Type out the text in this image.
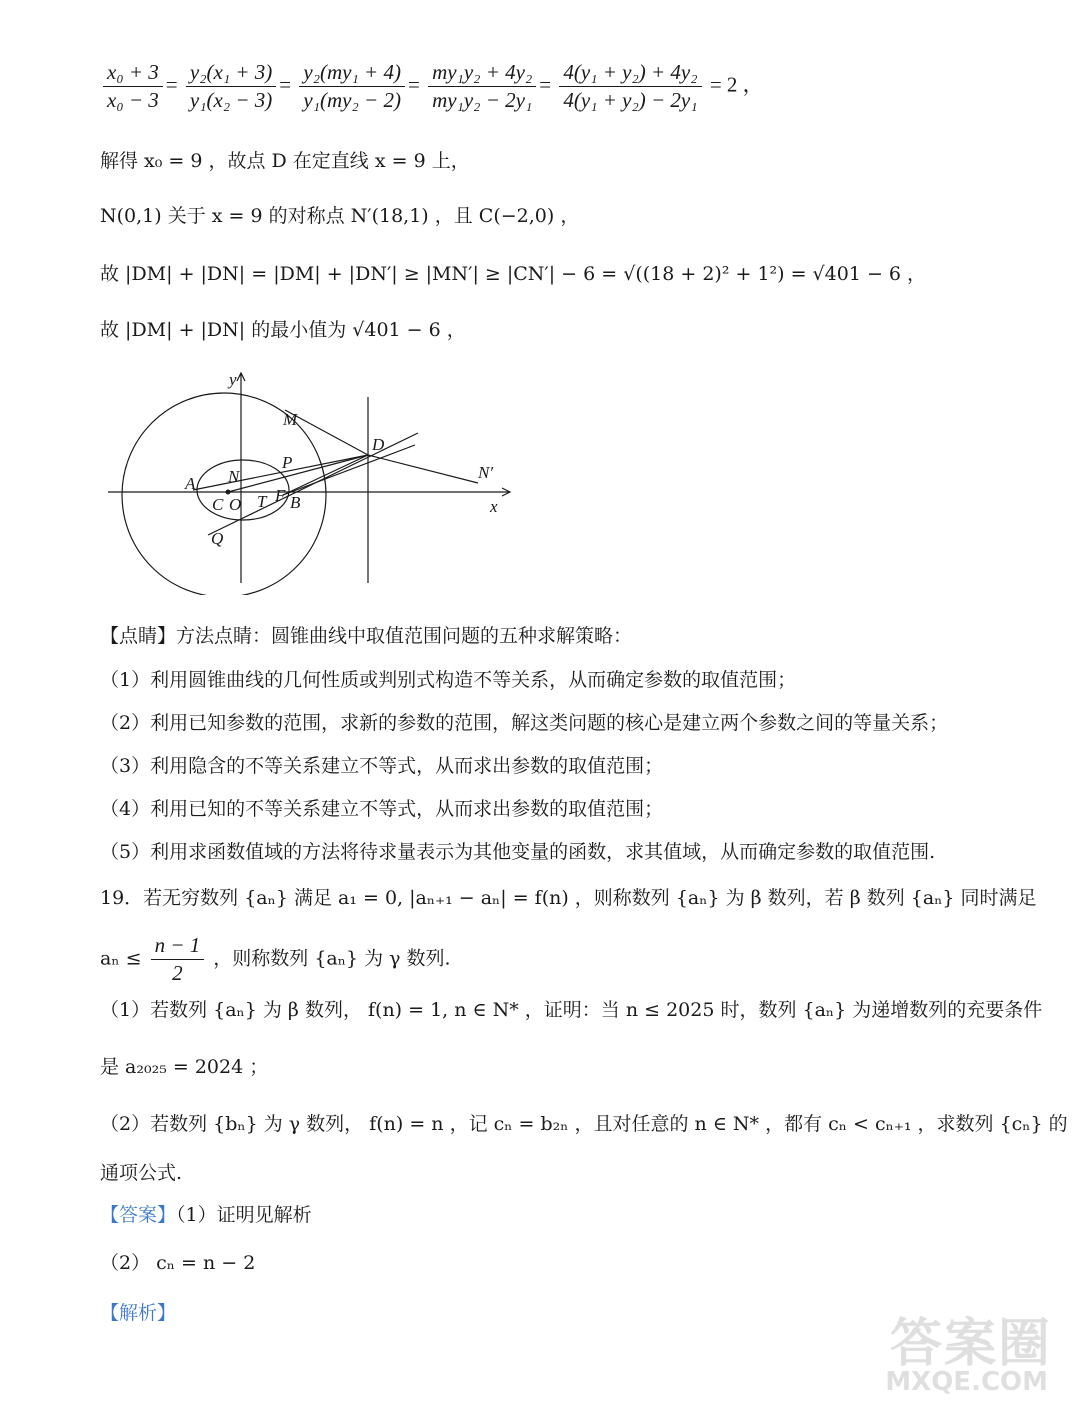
$\frac{\text{x₀ + 3}}{\text{x₀ − 3}} = \frac{\text{y₂(x₁ + 3)}}{\text{y₁(x₂ − 3)}} = \frac{\text{y₂(my₁ + 4)}}{\text{y₁(my₂ − 2)}} = \frac{\text{my₁y₂ + 4y₂}}{\text{my₁y₂ − 2y₁}} = \frac{\text{4(y₁ + y₂) + 4y₂}}{\text{4(y₁ + y₂) − 2y₁}} = 2$ ，
解得 x₀ = 9 ，故点 D 在定直线 x = 9 上，
N(0,1) 关于 x = 9 的对称点 N′(18,1) ，且 C(−2,0) ，
故 |DM| + |DN| = |DM| + |DN′| ≥ |MN′| ≥ |CN′| − 6 = √((18 + 2)² + 1²) = √401 − 6 ，
故 |DM| + |DN| 的最小值为 √401 − 6 ，
y
x
M
D
N′
N
P
A
C O T F B
Q
【点睛】方法点睛：圆锥曲线中取值范围问题的五种求解策略：
（1）利用圆锥曲线的几何性质或判别式构造不等关系，从而确定参数的取值范围；
（2）利用已知参数的范围，求新的参数的范围，解这类问题的核心是建立两个参数之间的等量关系；
（3）利用隐含的不等关系建立不等式，从而求出参数的取值范围；
（4）利用已知的不等关系建立不等式，从而求出参数的取值范围；
（5）利用求函数值域的方法将待求量表示为其他变量的函数，求其值域，从而确定参数的取值范围.
19．若无穷数列 {aₙ} 满足 a₁ = 0, |aₙ₊₁ − aₙ| = f(n) ，则称数列 {aₙ} 为 β 数列，若 β 数列 {aₙ} 同时满足
$a_n \le \frac{n - 1}{2}$ ，则称数列 {aₙ} 为 γ 数列.
（1）若数列 {aₙ} 为 β 数列， f(n) = 1, n ∈ N* ，证明：当 n ≤ 2025 时，数列 {aₙ} 为递增数列的充要条件
是 a₂₀₂₅ = 2024 ；
（2）若数列 {bₙ} 为 γ 数列， f(n) = n ，记 cₙ = b₂ₙ ，且对任意的 n ∈ N* ，都有 cₙ < cₙ₊₁ ，求数列 {cₙ} 的
通项公式.
【答案】（1）证明见解析
（2） cₙ = n − 2
【解析】
答案圈
MXQE.COM
